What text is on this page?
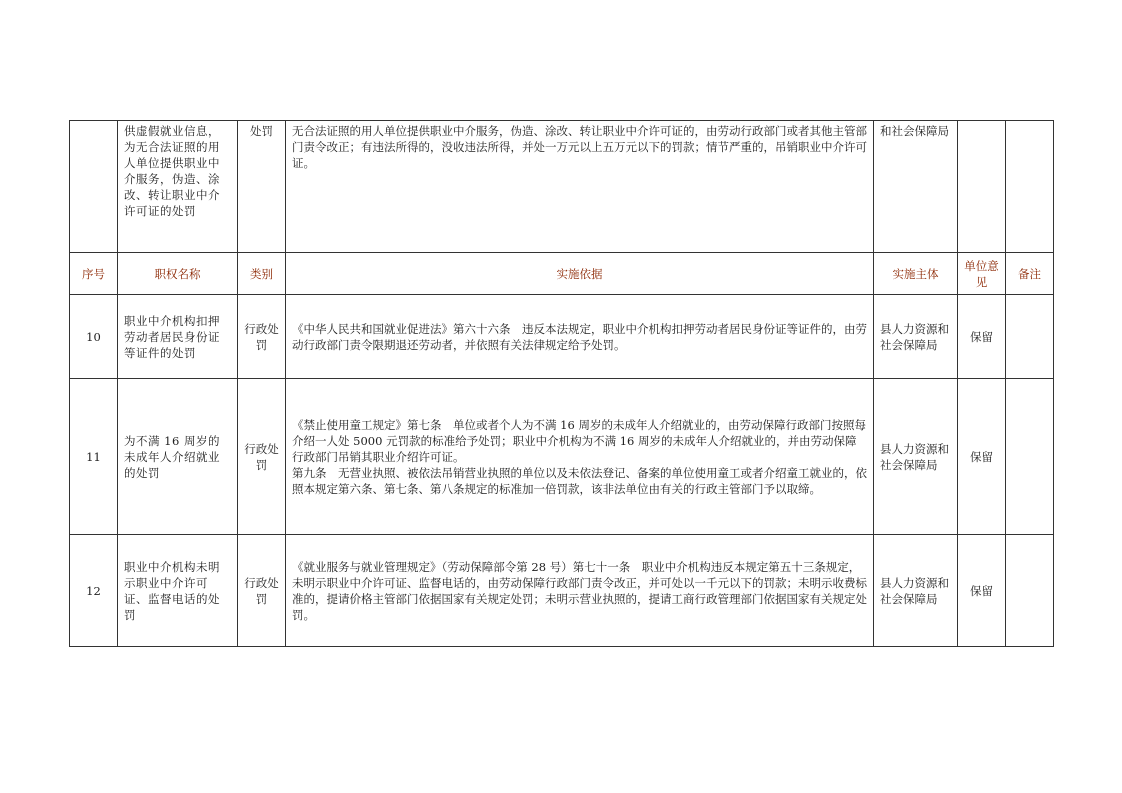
	供虚假就业信息，为无合法证照的用人单位提供职业中介服务，伪造、涂改、转让职业中介许可证的处罚	处罚	无合法证照的用人单位提供职业中介服务，伪造、涂改、转让职业中介许可证的，由劳动行政部门或者其他主管部门责令改正；有违法所得的，没收违法所得，并处一万元以上五万元以下的罚款；情节严重的，吊销职业中介许可证。	和社会保障局		
序号	职权名称	类别	实施依据	实施主体	单位意见	备注
10	职业中介机构扣押劳动者居民身份证等证件的处罚	行政处罚	《中华人民共和国就业促进法》第六十六条　违反本法规定，职业中介机构扣押劳动者居民身份证等证件的，由劳动行政部门责令限期退还劳动者，并依照有关法律规定给予处罚。	县人力资源和社会保障局	保留	
11	为不满 16 周岁的未成年人介绍就业的处罚	行政处罚	《禁止使用童工规定》第七条　单位或者个人为不满 16 周岁的未成年人介绍就业的，由劳动保障行政部门按照每介绍一人处 5000 元罚款的标准给予处罚；职业中介机构为不满 16 周岁的未成年人介绍就业的，并由劳动保障行政部门吊销其职业介绍许可证。

第九条　无营业执照、被依法吊销营业执照的单位以及未依法登记、备案的单位使用童工或者介绍童工就业的，依照本规定第六条、第七条、第八条规定的标准加一倍罚款，该非法单位由有关的行政主管部门予以取缔。	县人力资源和社会保障局	保留	
12	职业中介机构未明示职业中介许可证、监督电话的处罚	行政处罚	《就业服务与就业管理规定》（劳动保障部令第 28 号）第七十一条　职业中介机构违反本规定第五十三条规定，未明示职业中介许可证、监督电话的，由劳动保障行政部门责令改正，并可处以一千元以下的罚款；未明示收费标准的，提请价格主管部门依据国家有关规定处罚；未明示营业执照的，提请工商行政管理部门依据国家有关规定处罚。	县人力资源和社会保障局	保留	
